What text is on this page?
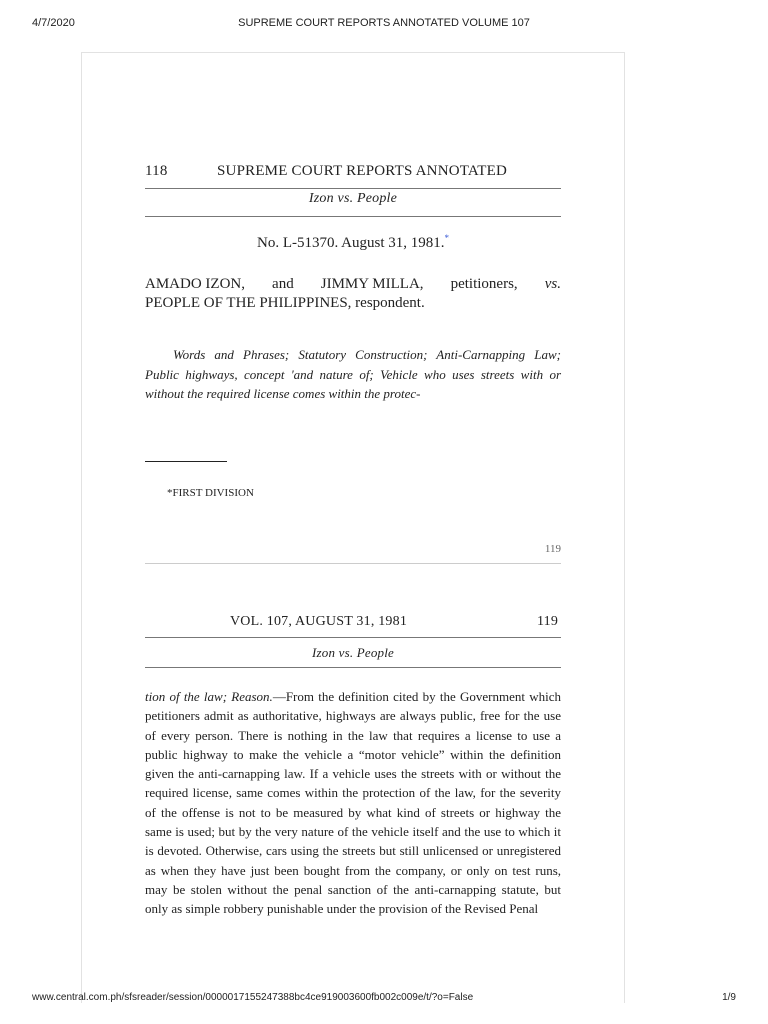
4/7/2020	SUPREME COURT REPORTS ANNOTATED VOLUME 107
118	SUPREME COURT REPORTS ANNOTATED
Izon vs. People
No. L-51370. August 31, 1981.*
AMADO IZON, and JIMMY MILLA, petitioners, vs.
PEOPLE OF THE PHILIPPINES, respondent.
Words and Phrases; Statutory Construction; Anti-Carnapping Law; Public highways, concept 'and nature of; Vehicle who uses streets with or without the required license comes within the protec-
*FIRST DIVISION
119
VOL. 107, AUGUST 31, 1981	119
Izon vs. People
tion of the law; Reason.—From the definition cited by the Government which petitioners admit as authoritative, highways are always public, free for the use of every person. There is nothing in the law that requires a license to use a public highway to make the vehicle a “motor vehicle” within the definition given the anti-carnapping law. If a vehicle uses the streets with or without the required license, same comes within the protection of the law, for the severity of the offense is not to be measured by what kind of streets or highway the same is used; but by the very nature of the vehicle itself and the use to which it is devoted. Otherwise, cars using the streets but still unlicensed or unregistered as when they have just been bought from the company, or only on test runs, may be stolen without the penal sanction of the anti-carnapping statute, but only as simple robbery punishable under the provision of the Revised Penal
www.central.com.ph/sfsreader/session/0000017155247388bc4ce919003600fb002c009e/t/?o=False	1/9
